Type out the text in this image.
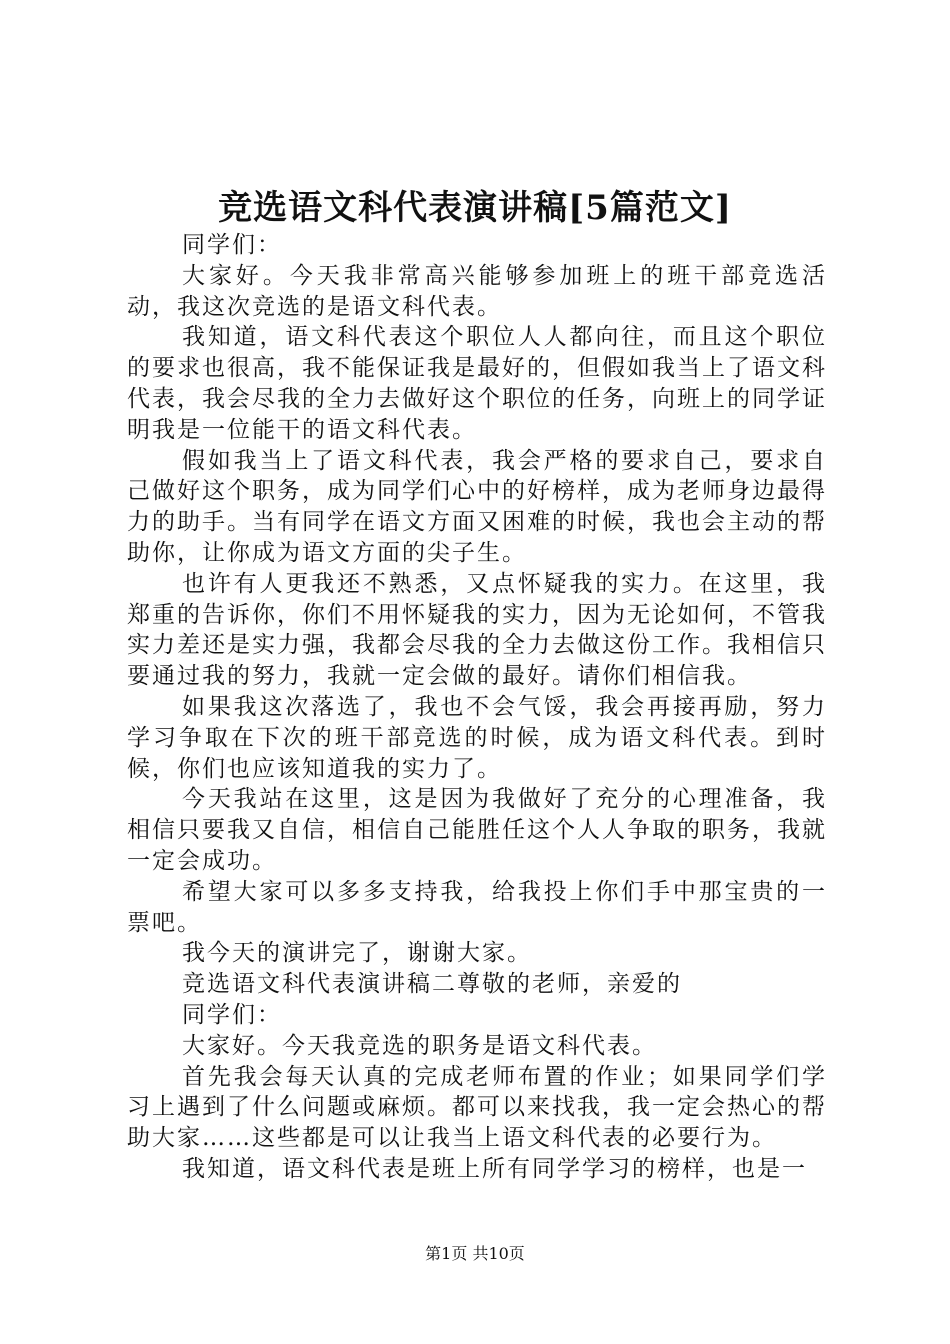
竞选语文科代表演讲稿[5篇范文]

同学们：

大家好。今天我非常高兴能够参加班上的班干部竞选活动，我这次竞选的是语文科代表。

我知道，语文科代表这个职位人人都向往，而且这个职位的要求也很高，我不能保证我是最好的，但假如我当上了语文科代表，我会尽我的全力去做好这个职位的任务，向班上的同学证明我是一位能干的语文科代表。

假如我当上了语文科代表，我会严格的要求自己，要求自己做好这个职务，成为同学们心中的好榜样，成为老师身边最得力的助手。当有同学在语文方面又困难的时候，我也会主动的帮助你，让你成为语文方面的尖子生。

也许有人更我还不熟悉，又点怀疑我的实力。在这里，我郑重的告诉你，你们不用怀疑我的实力，因为无论如何，不管我实力差还是实力强，我都会尽我的全力去做这份工作。我相信只要通过我的努力，我就一定会做的最好。请你们相信我。

如果我这次落选了，我也不会气馁，我会再接再励，努力学习争取在下次的班干部竞选的时候，成为语文科代表。到时候，你们也应该知道我的实力了。

今天我站在这里，这是因为我做好了充分的心理准备，我相信只要我又自信，相信自己能胜任这个人人争取的职务，我就一定会成功。

希望大家可以多多支持我，给我投上你们手中那宝贵的一票吧。

我今天的演讲完了，谢谢大家。

竞选语文科代表演讲稿二尊敬的老师，亲爱的

同学们：

大家好。今天我竞选的职务是语文科代表。

首先我会每天认真的完成老师布置的作业；如果同学们学习上遇到了什么问题或麻烦。都可以来找我，我一定会热心的帮助大家……这些都是可以让我当上语文科代表的必要行为。

我知道，语文科代表是班上所有同学学习的榜样，也是一

第1页 共10页
